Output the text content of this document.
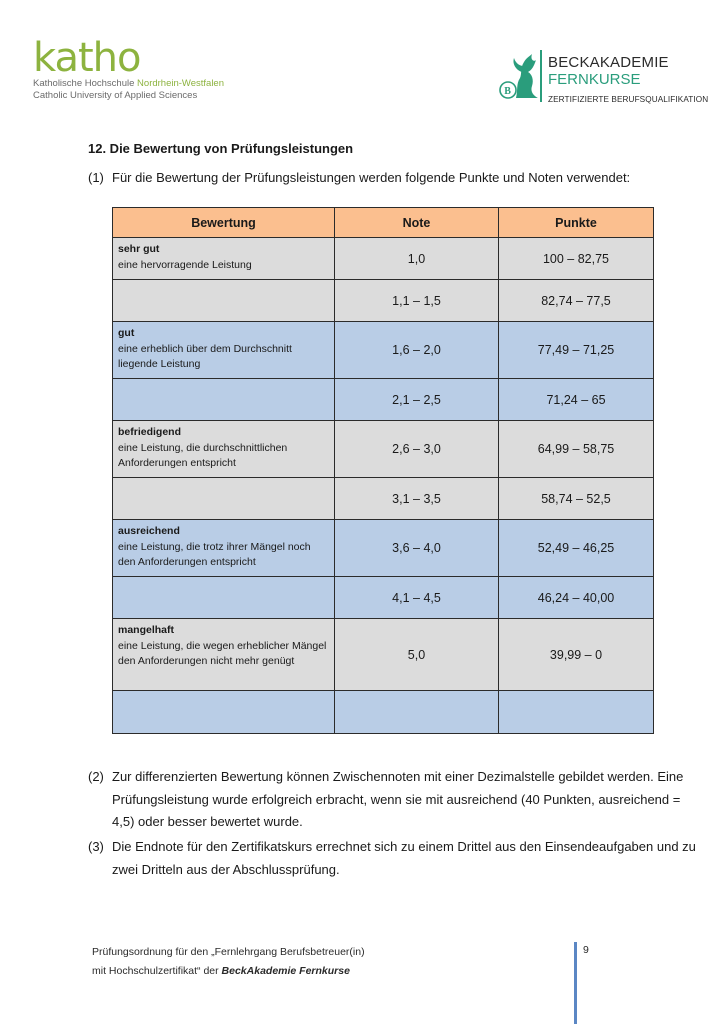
katho
Katholische Hochschule Nordrhein-Westfalen
Catholic University of Applied Sciences	B
BECKAKADEMIE
FERNKURSE
ZERTIFIZIERTE BERUFSQUALIFIKATION
12. Die Bewertung von Prüfungsleistungen
(1) Für die Bewertung der Prüfungsleistungen werden folgende Punkte und Noten verwendet:
Bewertung	Note	Punkte

sehr gut
eine hervorragende Leistung	1,0	100 – 82,75

	1,1 – 1,5	82,74 – 77,5

gut
eine erheblich über dem Durchschnitt liegende Leistung	1,6 – 2,0	77,49 – 71,25

	2,1 – 2,5	71,24 – 65

befriedigend
eine Leistung, die durchschnittlichen Anforderungen entspricht	2,6 – 3,0	64,99 – 58,75

	3,1 – 3,5	58,74 – 52,5

ausreichend
eine Leistung, die trotz ihrer Mängel noch den Anforderungen entspricht	3,6 – 4,0	52,49 – 46,25

	4,1 – 4,5	46,24 – 40,00

mangelhaft
eine Leistung, die wegen erheblicher Mängel den Anforderungen nicht mehr genügt	5,0	39,99 – 0

(2) Zur differenzierten Bewertung können Zwischennoten mit einer Dezimalstelle gebildet werden. Eine Prüfungsleistung wurde erfolgreich erbracht, wenn sie mit ausreichend (40 Punkten, ausreichend = 4,5) oder besser bewertet wurde.
(3) Die Endnote für den Zertifikatskurs errechnet sich zu einem Drittel aus den Einsendeaufgaben und zu zwei Dritteln aus der Abschlussprüfung.
Prüfungsordnung für den „Fernlehrgang Berufsbetreuer(in)
mit Hochschulzertifikat“ der BeckAkademie Fernkurse
9
